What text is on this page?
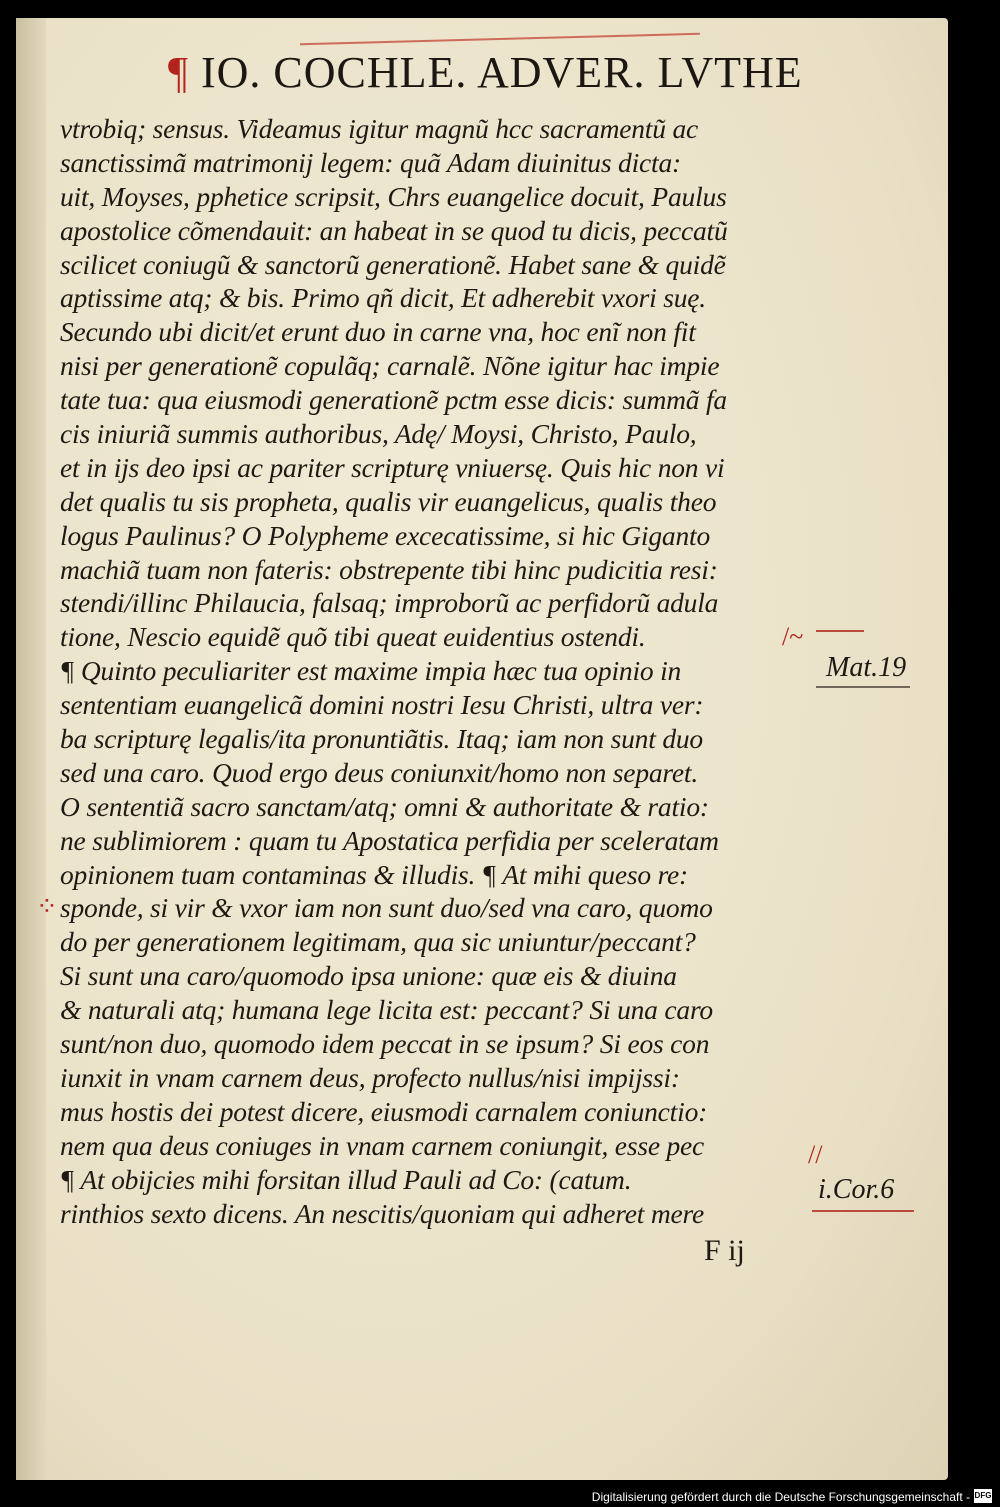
¶ IO. COCHLE. ADVER. LVTHE
vtrobiq; sensus. Videamus igitur magnũ hcc sacramentũ ac
sanctissimã matrimonij legem: quã Adam diuinitus dicta:
uit, Moyses, pphetice scripsit, Chrs euangelice docuit, Paulus
apostolice cõmendauit: an habeat in se quod tu dicis, peccatũ
scilicet coniugũ & sanctorũ generationẽ. Habet sane & quidẽ
aptissime atq; & bis. Primo qñ dicit, Et adherebit vxori suę.
Secundo ubi dicit/et erunt duo in carne vna, hoc enĩ non fit
nisi per generationẽ copulãq; carnalẽ. Nõne igitur hac impie
tate tua: qua eiusmodi generationẽ pctm esse dicis: summã fa
cis iniuriã summis authoribus, Adę/ Moysi, Christo, Paulo,
et in ijs deo ipsi ac pariter scripturę vniuersę. Quis hic non vi
det qualis tu sis propheta, qualis vir euangelicus, qualis theo
logus Paulinus? O Polypheme excecatissime, si hic Giganto
machiã tuam non fateris: obstrepente tibi hinc pudicitia resi:
stendi/illinc Philaucia, falsaq; improborũ ac perfidorũ adula
tione, Nescio equidẽ quõ tibi queat euidentius ostendi.
¶ Quinto peculiariter est maxime impia hæc tua opinio in
sententiam euangelicã domini nostri Iesu Christi, ultra ver:
ba scripturę legalis/ita pronuntiãtis. Itaq; iam non sunt duo
sed una caro. Quod ergo deus coniunxit/homo non separet.
O sententiã sacro sanctam/atq; omni & authoritate & ratio:
ne sublimiorem : quam tu Apostatica perfidia per sceleratam
opinionem tuam contaminas & illudis. ¶ At mihi queso re:
sponde, si vir & vxor iam non sunt duo/sed vna caro, quomo
do per generationem legitimam, qua sic uniuntur/peccant?
Si sunt una caro/quomodo ipsa unione: quæ eis & diuina
& naturali atq; humana lege licita est: peccant? Si una caro
sunt/non duo, quomodo idem peccat in se ipsum? Si eos con
iunxit in vnam carnem deus, profecto nullus/nisi impijssi:
mus hostis dei potest dicere, eiusmodi carnalem coniunctio:
nem qua deus coniuges in vnam carnem coniungit, esse pec
¶ At obijcies mihi forsitan illud Pauli ad Co: (catum.
rinthios sexto dicens. An nescitis/quoniam qui adheret mere
/~
Mat.19
⁘
//
i.Cor.6
F ij
Digitalisierung gefördert durch die Deutsche Forschungsgemeinschaft - DFG
